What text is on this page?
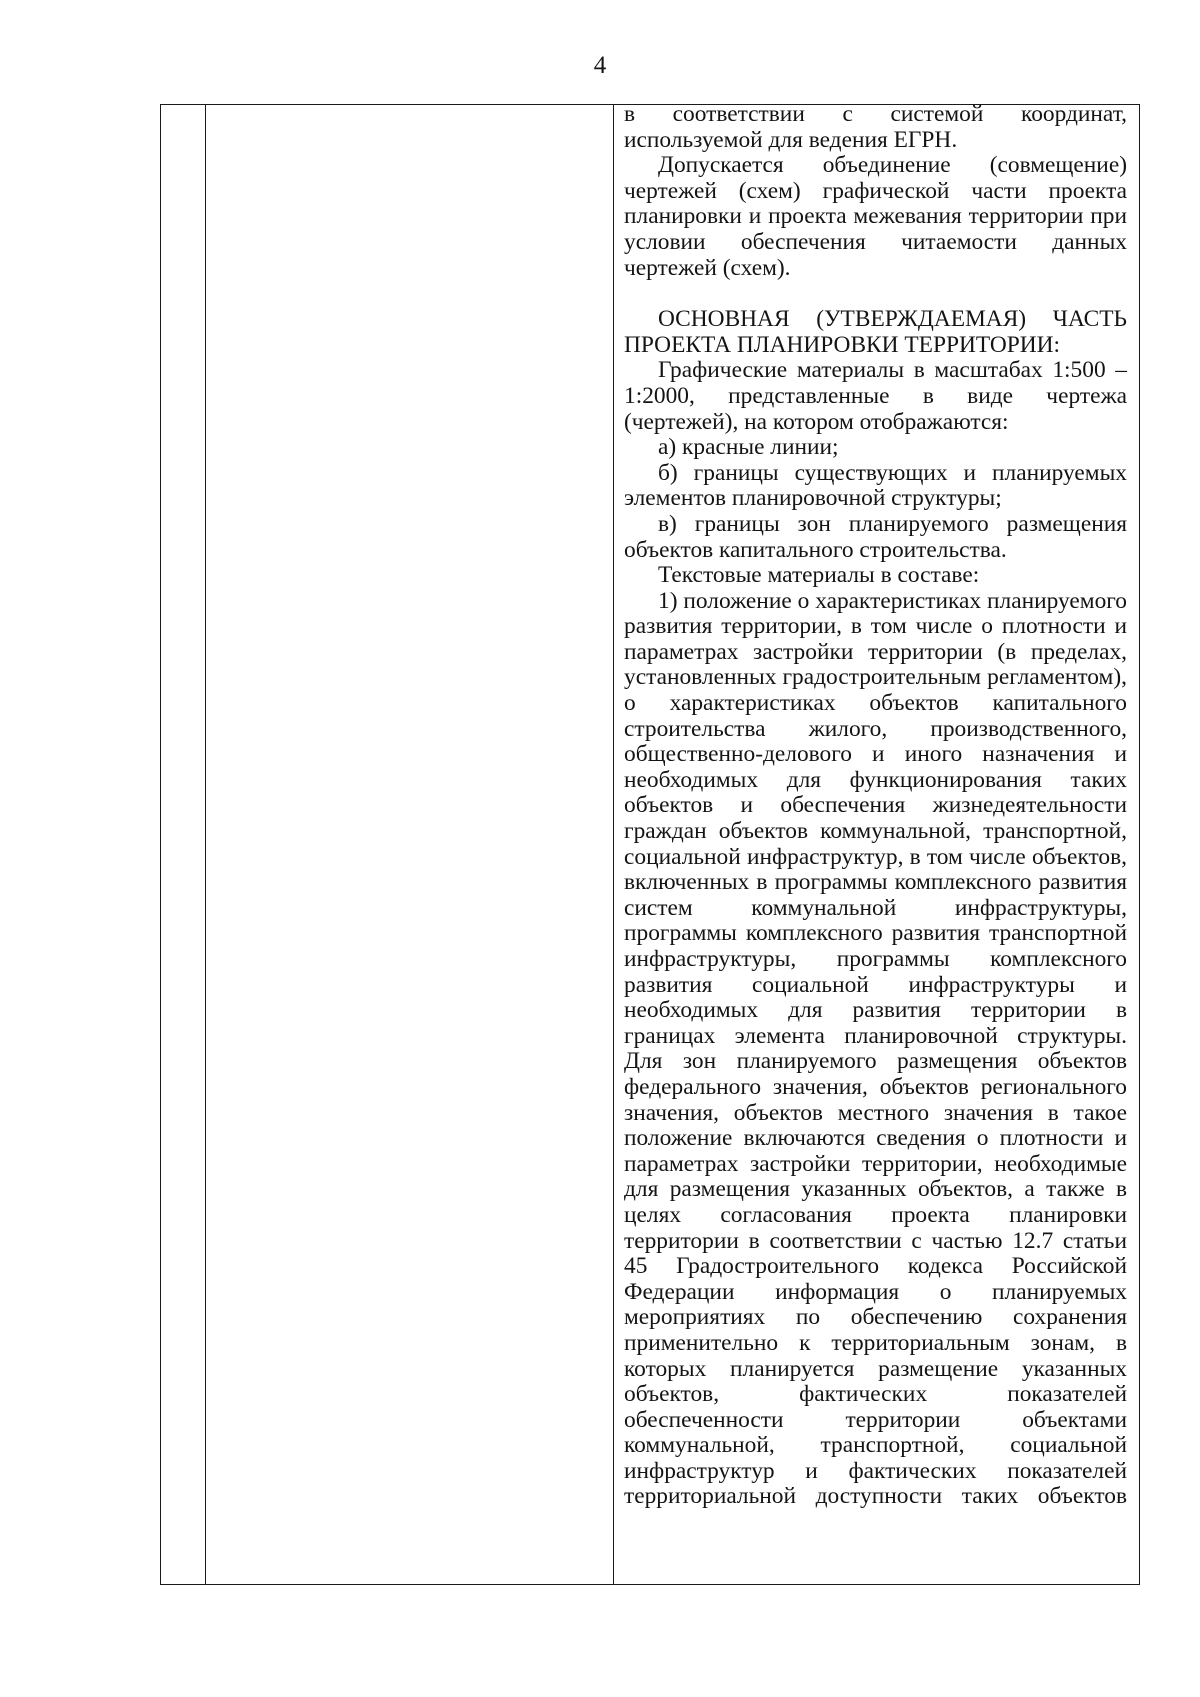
4

в соответствии с системой координат, используемой для ведения ЕГРН.

Допускается объединение (совмещение) чертежей (схем) графической части проекта планировки и проекта межевания территории при условии обеспечения читаемости данных чертежей (схем).

ОСНОВНАЯ (УТВЕРЖДАЕМАЯ) ЧАСТЬ ПРОЕКТА ПЛАНИРОВКИ ТЕРРИТОРИИ:

Графические материалы в масштабах 1:500 – 1:2000, представленные в виде чертежа (чертежей), на котором отображаются:

а) красные линии;

б) границы существующих и планируемых элементов планировочной структуры;

в) границы зон планируемого размещения объектов капитального строительства.

Текстовые материалы в составе:

1) положение о характеристиках планируемого развития территории, в том числе о плотности и параметрах застройки территории (в пределах, установленных градостроительным регламентом), о характеристиках объектов капитального строительства жилого, производственного, общественно-делового и иного назначения и необходимых для функционирования таких объектов и обеспечения жизнедеятельности граждан объектов коммунальной, транспортной, социальной инфраструктур, в том числе объектов, включенных в программы комплексного развития систем коммунальной инфраструктуры, программы комплексного развития транспортной инфраструктуры, программы комплексного развития социальной инфраструктуры и необходимых для развития территории в границах элемента планировочной структуры. Для зон планируемого размещения объектов федерального значения, объектов регионального значения, объектов местного значения в такое положение включаются сведения о плотности и параметрах застройки территории, необходимые для размещения указанных объектов, а также в целях согласования проекта планировки территории в соответствии с частью 12.7 статьи 45 Градостроительного кодекса Российской Федерации информация о планируемых мероприятиях по обеспечению сохранения применительно к территориальным зонам, в которых планируется размещение указанных объектов, фактических показателей обеспеченности территории объектами коммунальной, транспортной, социальной инфраструктур и фактических показателей территориальной доступности таких объектов
